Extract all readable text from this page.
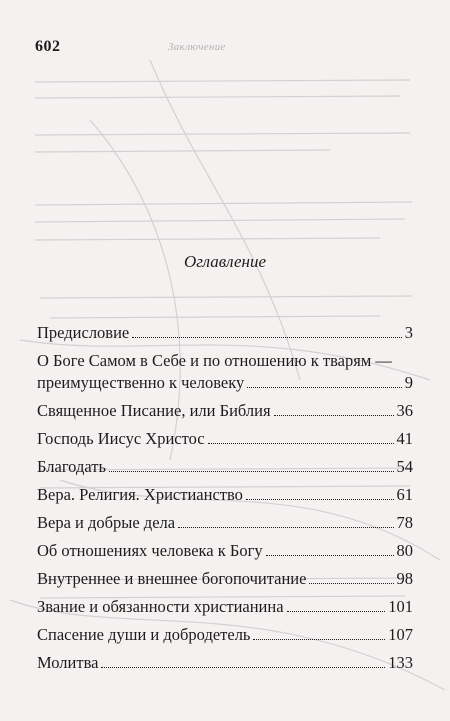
602	Заключение
Оглавление
Предисловие	3
О Боге Самом в Себе и по отношению к тварям —
преимущественно к человеку	9
Священное Писание, или Библия	36
Господь Иисус Христос	41
Благодать	54
Вера. Религия. Христианство	61
Вера и добрые дела	78
Об отношениях человека к Богу	80
Внутреннее и внешнее богопочитание	98
Звание и обязанности христианина	101
Спасение души и добродетель	107
Молитва	133
